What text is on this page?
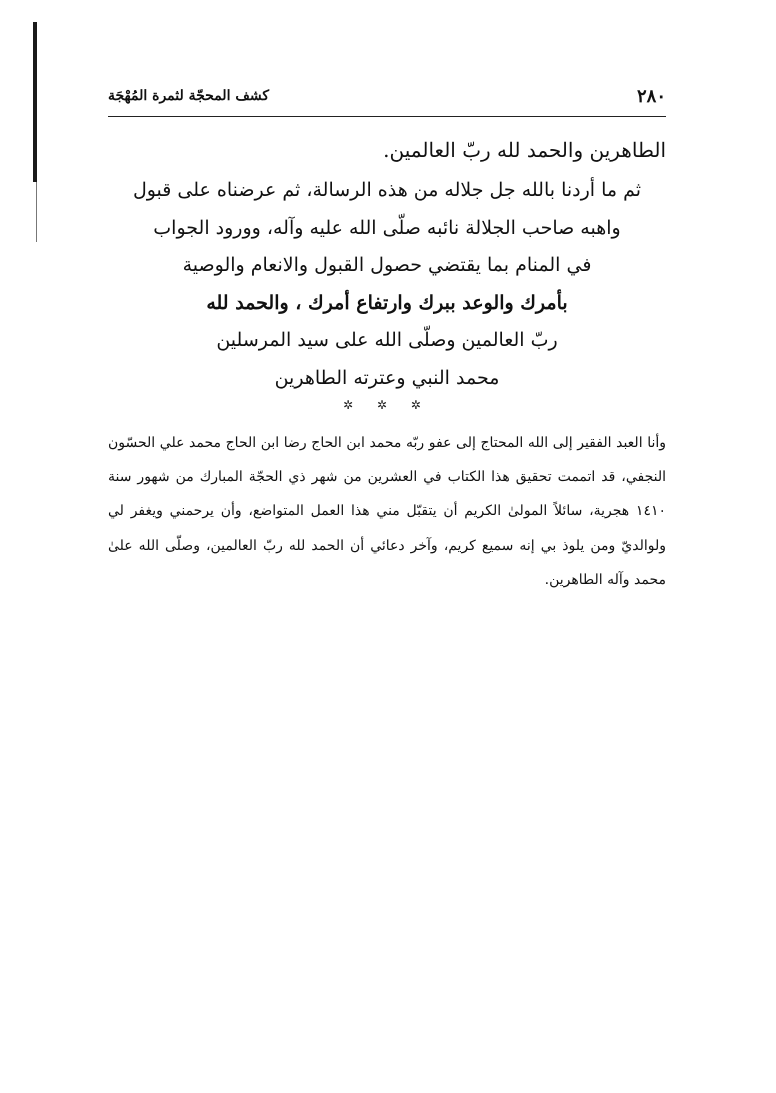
٢٨٠
كشف المحجّة لثمرة المُهْجَة
الطاهرين والحمد لله ربّ العالمين.
ثم ما أردنا بالله جل جلاله من هذه الرسالة، ثم عرضناه على قبول
واهبه صاحب الجلالة نائبه صلّى الله عليه وآله، وورود الجواب
في المنام بما يقتضي حصول القبول والانعام والوصية
بأمرك والوعد ببرك وارتفاع أمرك ، والحمد لله
ربّ العالمين وصلّى الله على سيد المرسلين
محمد النبي وعترته الطاهرين
✲ ✲ ✲
وأنا العبد الفقير إلى الله المحتاج إلى عفو ربّه محمد ابن الحاج رضا ابن الحاج محمد علي الحسّون النجفي، قد اتممت تحقيق هذا الكتاب في العشرين من شهر ذي الحجّة المبارك من شهور سنة ١٤١٠ هجرية، سائلاً المولىٰ الكريم أن يتقبّل مني هذا العمل المتواضع، وأن يرحمني ويغفر لي ولوالديّ ومن يلوذ بي إنه سميع كريم، وآخر دعائي أن الحمد لله ربّ العالمين، وصلّى الله علىٰ محمد وآله الطاهرين.
